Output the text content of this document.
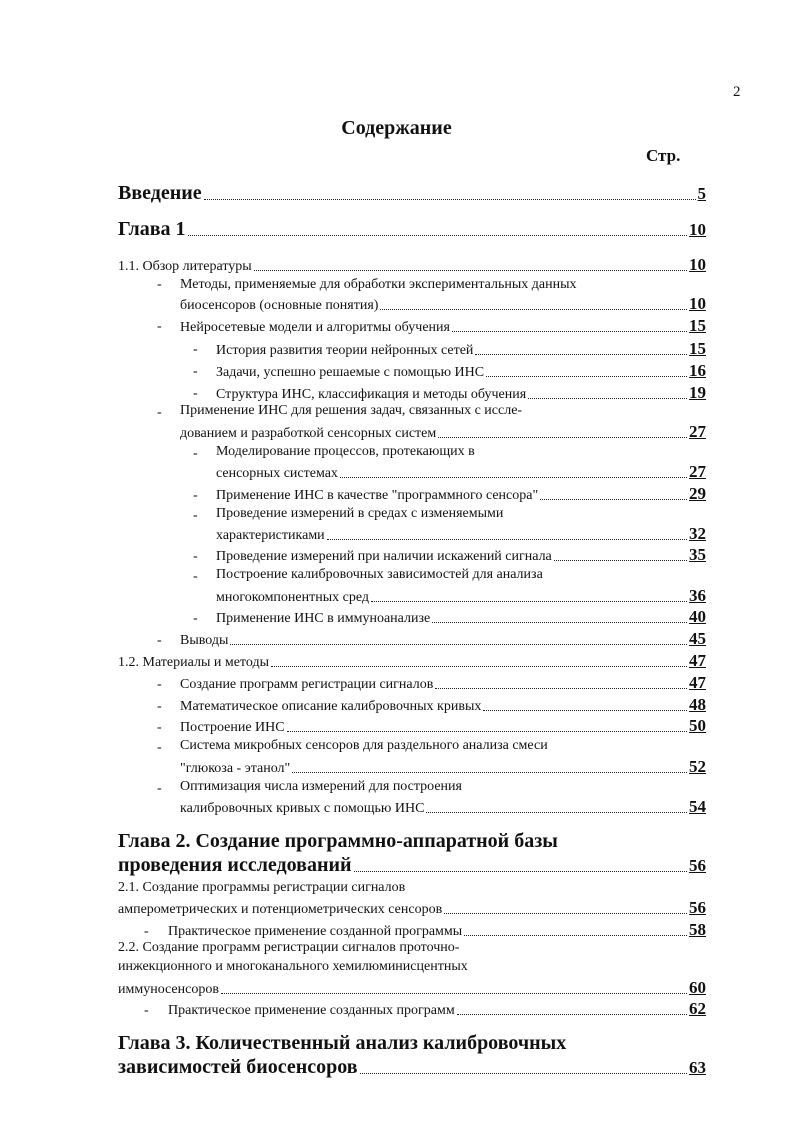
2
Содержание
Стр.
Введение	5
Глава 1	10
1.1. Обзор литературы	10
- Методы, применяемые для обработки экспериментальных данных
биосенсоров (основные понятия)	10
- Нейросетевые модели и алгоритмы обучения	15
- История развития теории нейронных сетей	15
- Задачи, успешно решаемые с помощью ИНС	16
- Структура ИНС, классификация и методы обучения	19
- Применение ИНС для решения задач, связанных с иссле-
дованием и разработкой сенсорных систем	27
- Моделирование процессов, протекающих в
сенсорных системах	27
- Применение ИНС в качестве "программного сенсора"	29
- Проведение измерений в средах с изменяемыми
характеристиками	32
- Проведение измерений при наличии искажений сигнала	35
- Построение калибровочных зависимостей для анализа
многокомпонентных сред	36
- Применение ИНС в иммуноанализе	40
- Выводы	45
1.2. Материалы и методы	47
- Создание программ регистрации сигналов	47
- Математическое описание калибровочных кривых	48
- Построение ИНС	50
- Система микробных сенсоров для раздельного анализа смеси
"глюкоза - этанол"	52
- Оптимизация числа измерений для построения
калибровочных кривых с помощью ИНС	54
Глава 2. Создание программно-аппаратной базы
проведения исследований	56
2.1. Создание программы регистрации сигналов
амперометрических и потенциометрических сенсоров	56
- Практическое применение созданной программы	58
2.2. Создание программ регистрации сигналов проточно-
инжекционного и многоканального хемилюминисцентных
иммуносенсоров	60
- Практическое применение созданных программ	62
Глава 3. Количественный анализ калибровочных
зависимостей биосенсоров	63
